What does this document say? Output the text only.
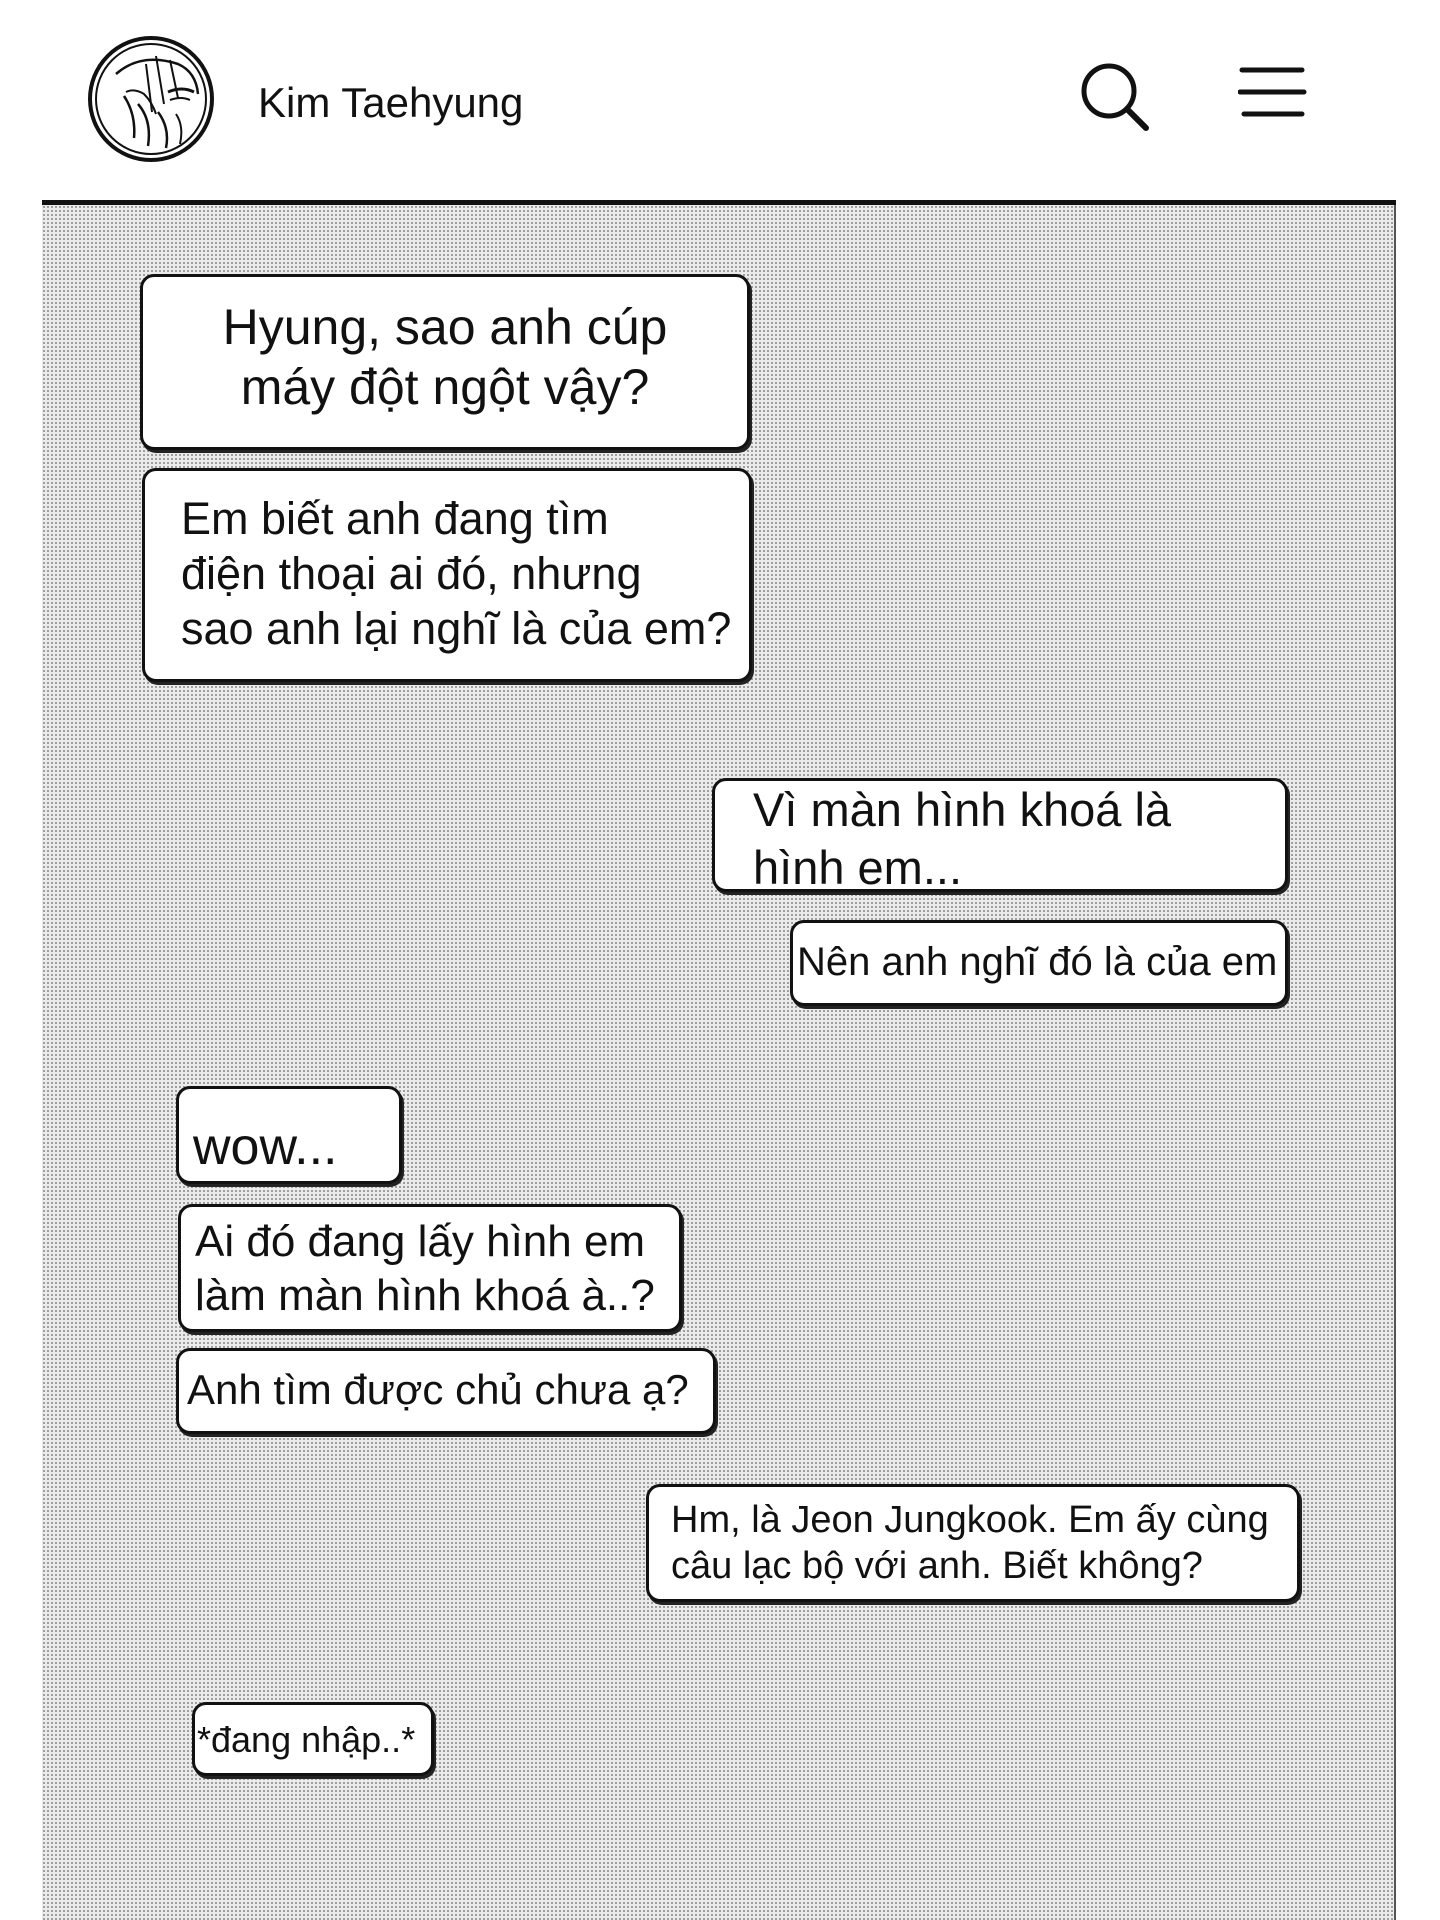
Kim Taehyung
Hyung, sao anh cúp
máy đột ngột vậy?
Em biết anh đang tìm
điện thoại ai đó, nhưng
sao anh lại nghĩ là của em?
Vì màn hình khoá là
hình em...
Nên anh nghĩ đó là của em
wow...
Ai đó đang lấy hình em
làm màn hình khoá à..?
Anh tìm được chủ chưa ạ?
Hm, là Jeon Jungkook. Em ấy cùng
câu lạc bộ với anh. Biết không?
*đang nhập..*
